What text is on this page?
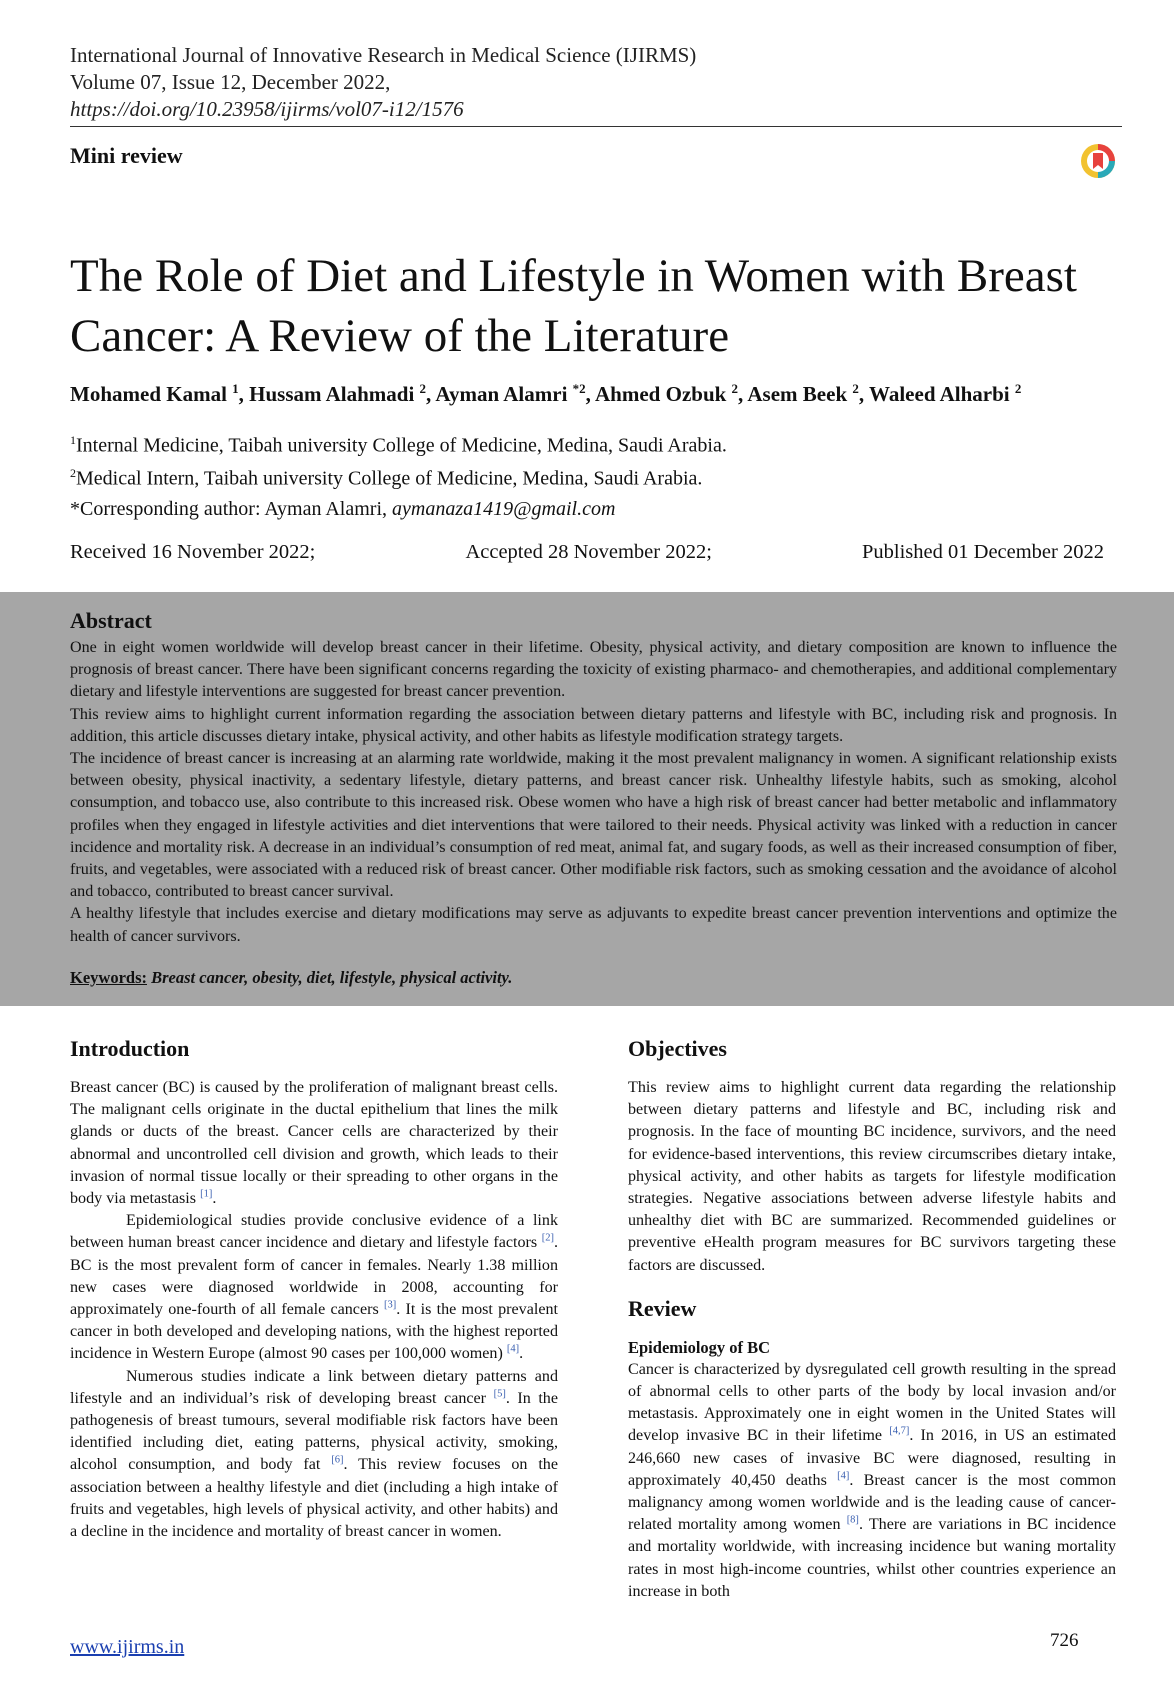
International Journal of Innovative Research in Medical Science (IJIRMS)
Volume 07, Issue 12, December 2022,
https://doi.org/10.23958/ijirms/vol07-i12/1576
Mini review
The Role of Diet and Lifestyle in Women with Breast Cancer: A Review of the Literature
Mohamed Kamal $^1$, Hussam Alahmadi $^2$, Ayman Alamri $^{*2}$, Ahmed Ozbuk $^2$, Asem Beek $^2$, Waleed Alharbi $^2$
$^1$Internal Medicine, Taibah university College of Medicine, Medina, Saudi Arabia.
$^2$Medical Intern, Taibah university College of Medicine, Medina, Saudi Arabia.
*Corresponding author: Ayman Alamri, aymanaza1419@gmail.com
Received 16 November 2022;	Accepted 28 November 2022;	Published 01 December 2022
Abstract

One in eight women worldwide will develop breast cancer in their lifetime. Obesity, physical activity, and dietary composition are known to influence the prognosis of breast cancer. There have been significant concerns regarding the toxicity of existing pharmaco- and chemotherapies, and additional complementary dietary and lifestyle interventions are suggested for breast cancer prevention.

This review aims to highlight current information regarding the association between dietary patterns and lifestyle with BC, including risk and prognosis. In addition, this article discusses dietary intake, physical activity, and other habits as lifestyle modification strategy targets.

The incidence of breast cancer is increasing at an alarming rate worldwide, making it the most prevalent malignancy in women. A significant relationship exists between obesity, physical inactivity, a sedentary lifestyle, dietary patterns, and breast cancer risk. Unhealthy lifestyle habits, such as smoking, alcohol consumption, and tobacco use, also contribute to this increased risk. Obese women who have a high risk of breast cancer had better metabolic and inflammatory profiles when they engaged in lifestyle activities and diet interventions that were tailored to their needs. Physical activity was linked with a reduction in cancer incidence and mortality risk. A decrease in an individual’s consumption of red meat, animal fat, and sugary foods, as well as their increased consumption of fiber, fruits, and vegetables, were associated with a reduced risk of breast cancer. Other modifiable risk factors, such as smoking cessation and the avoidance of alcohol and tobacco, contributed to breast cancer survival.

A healthy lifestyle that includes exercise and dietary modifications may serve as adjuvants to expedite breast cancer prevention interventions and optimize the health of cancer survivors.

Keywords: Breast cancer, obesity, diet, lifestyle, physical activity.
Introduction

Breast cancer (BC) is caused by the proliferation of malignant breast cells. The malignant cells originate in the ductal epithelium that lines the milk glands or ducts of the breast. Cancer cells are characterized by their abnormal and uncontrolled cell division and growth, which leads to their invasion of normal tissue locally or their spreading to other organs in the body via metastasis [1].

Epidemiological studies provide conclusive evidence of a link between human breast cancer incidence and dietary and lifestyle factors [2]. BC is the most prevalent form of cancer in females. Nearly 1.38 million new cases were diagnosed worldwide in 2008, accounting for approximately one-fourth of all female cancers [3]. It is the most prevalent cancer in both developed and developing nations, with the highest reported incidence in Western Europe (almost 90 cases per 100,000 women) [4].

Numerous studies indicate a link between dietary patterns and lifestyle and an individual’s risk of developing breast cancer [5]. In the pathogenesis of breast tumours, several modifiable risk factors have been identified including diet, eating patterns, physical activity, smoking, alcohol consumption, and body fat [6]. This review focuses on the association between a healthy lifestyle and diet (including a high intake of fruits and vegetables, high levels of physical activity, and other habits) and a decline in the incidence and mortality of breast cancer in women.

Objectives

This review aims to highlight current data regarding the relationship between dietary patterns and lifestyle and BC, including risk and prognosis. In the face of mounting BC incidence, survivors, and the need for evidence-based interventions, this review circumscribes dietary intake, physical activity, and other habits as targets for lifestyle modification strategies. Negative associations between adverse lifestyle habits and unhealthy diet with BC are summarized. Recommended guidelines or preventive eHealth program measures for BC survivors targeting these factors are discussed.

Review
Epidemiology of BC

Cancer is characterized by dysregulated cell growth resulting in the spread of abnormal cells to other parts of the body by local invasion and/or metastasis. Approximately one in eight women in the United States will develop invasive BC in their lifetime [4,7]. In 2016, in US an estimated 246,660 new cases of invasive BC were diagnosed, resulting in approximately 40,450 deaths [4]. Breast cancer is the most common malignancy among women worldwide and is the leading cause of cancer-related mortality among women [8]. There are variations in BC incidence and mortality worldwide, with increasing incidence but waning mortality rates in most high-income countries, whilst other countries experience an increase in both

www.ijirms.in	726
